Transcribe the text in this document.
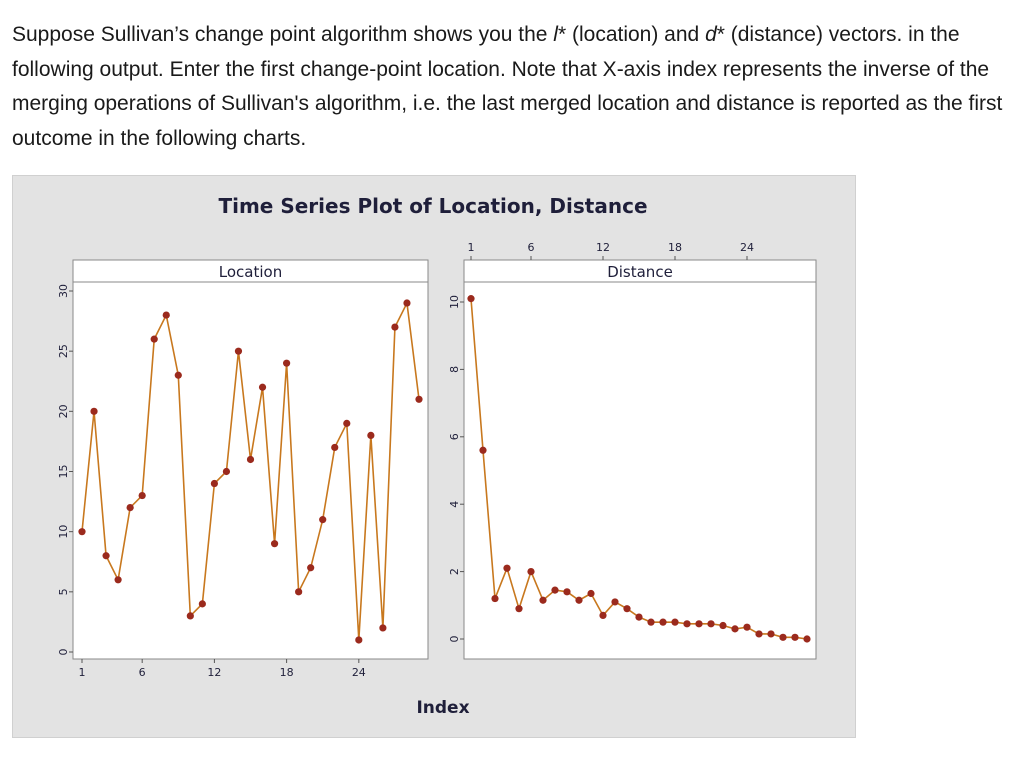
Suppose Sullivan’s change point algorithm shows you the l* (location) and d* (distance) vectors. in the following output. Enter the first change-point location. Note that X-axis index represents the inverse of the merging operations of Sullivan's algorithm, i.e. the last merged location and distance is reported as the first outcome in the following charts.
Time Series Plot of Location, Distance
Index
Location
0
5
10
15
20
25
30
1	6	12	18	24
Distance
0
2
4
6
8
10
1	6	12	18	24
